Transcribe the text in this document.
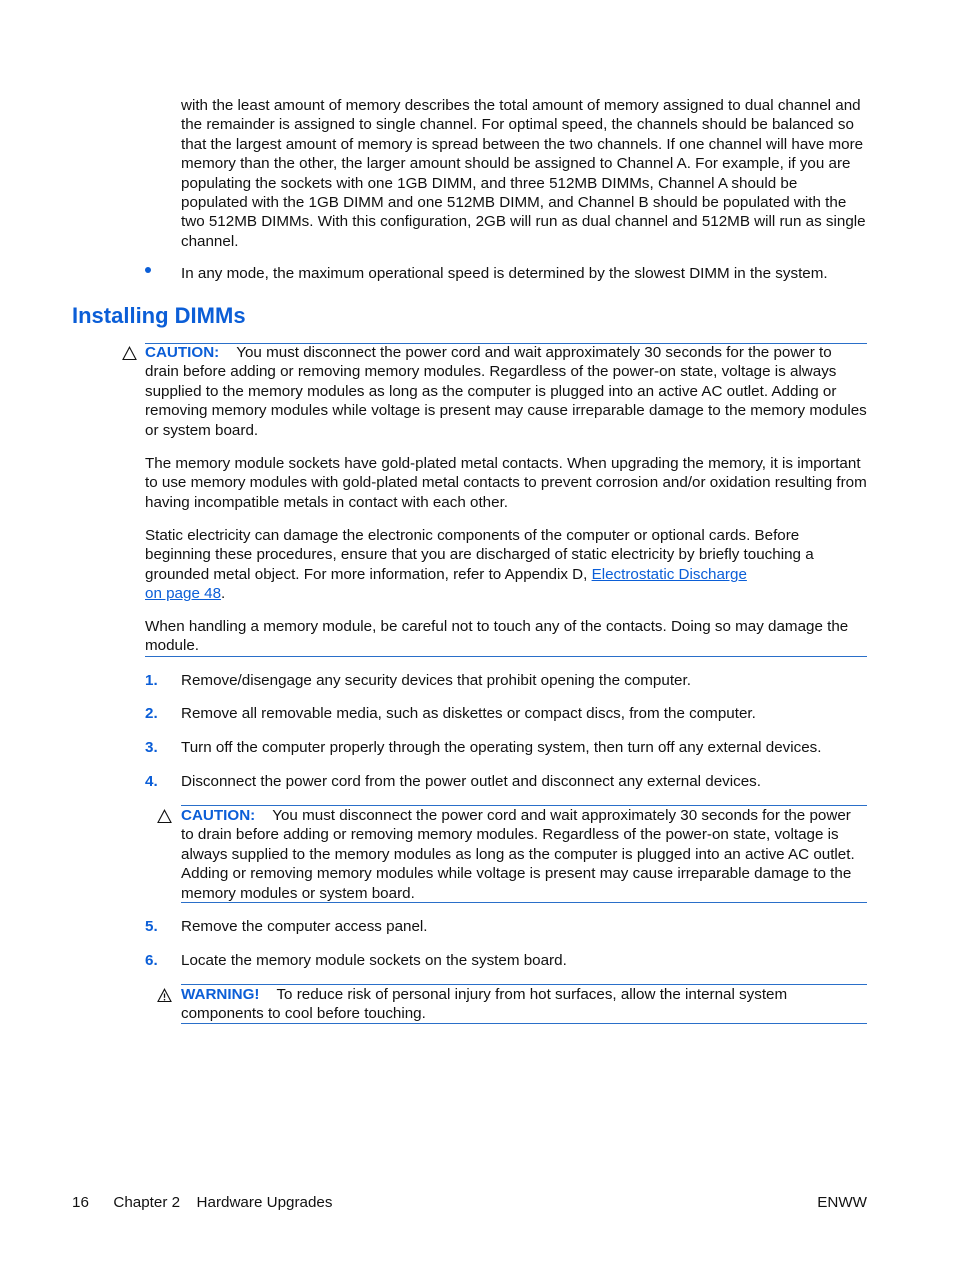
with the least amount of memory describes the total amount of memory assigned to dual channel and the remainder is assigned to single channel. For optimal speed, the channels should be balanced so that the largest amount of memory is spread between the two channels. If one channel will have more memory than the other, the larger amount should be assigned to Channel A. For example, if you are populating the sockets with one 1GB DIMM, and three 512MB DIMMs, Channel A should be populated with the 1GB DIMM and one 512MB DIMM, and Channel B should be populated with the two 512MB DIMMs. With this configuration, 2GB will run as dual channel and 512MB will run as single channel.

In any mode, the maximum operational speed is determined by the slowest DIMM in the system.

Installing DIMMs

CAUTION: You must disconnect the power cord and wait approximately 30 seconds for the power to drain before adding or removing memory modules. Regardless of the power-on state, voltage is always supplied to the memory modules as long as the computer is plugged into an active AC outlet. Adding or removing memory modules while voltage is present may cause irreparable damage to the memory modules or system board.

The memory module sockets have gold-plated metal contacts. When upgrading the memory, it is important to use memory modules with gold-plated metal contacts to prevent corrosion and/or oxidation resulting from having incompatible metals in contact with each other.

Static electricity can damage the electronic components of the computer or optional cards. Before beginning these procedures, ensure that you are discharged of static electricity by briefly touching a grounded metal object. For more information, refer to Appendix D, Electrostatic Discharge
on page 48.

When handling a memory module, be careful not to touch any of the contacts. Doing so may damage the module.

1. Remove/disengage any security devices that prohibit opening the computer.

2. Remove all removable media, such as diskettes or compact discs, from the computer.

3. Turn off the computer properly through the operating system, then turn off any external devices.

4. Disconnect the power cord from the power outlet and disconnect any external devices.

CAUTION: You must disconnect the power cord and wait approximately 30 seconds for the power to drain before adding or removing memory modules. Regardless of the power-on state, voltage is always supplied to the memory modules as long as the computer is plugged into an active AC outlet. Adding or removing memory modules while voltage is present may cause irreparable damage to the memory modules or system board.

5. Remove the computer access panel.

6. Locate the memory module sockets on the system board.

WARNING! To reduce risk of personal injury from hot surfaces, allow the internal system components to cool before touching.

16 Chapter 2 Hardware Upgrades	ENWW
